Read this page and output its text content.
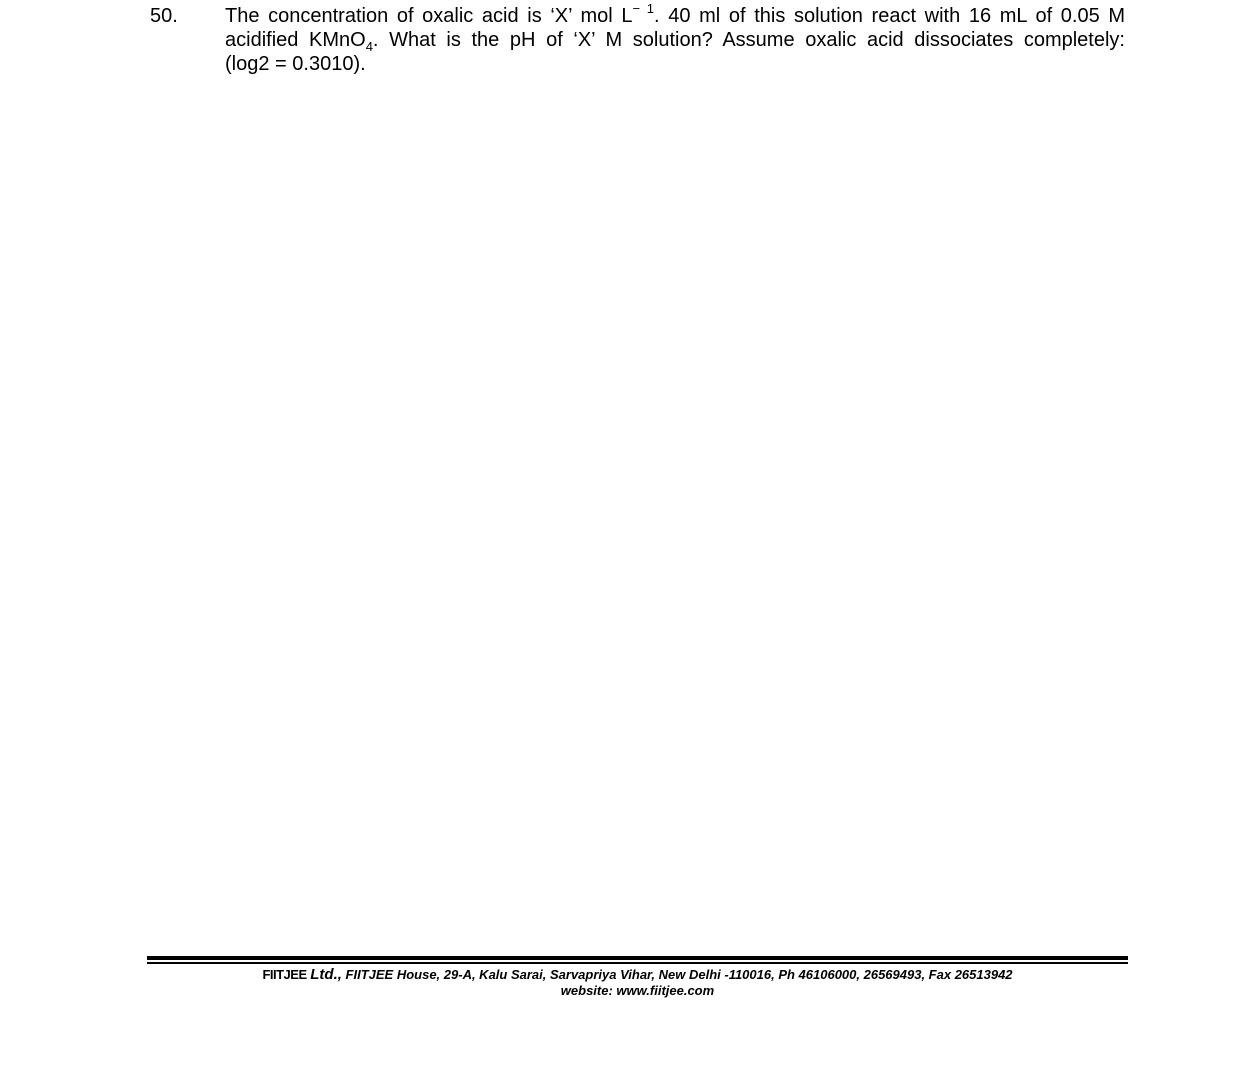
50. The concentration of oxalic acid is ‘X’ mol $L^{- 1}$. 40 ml of this solution react with 16 mL of 0.05 M
acidified KMnO$_4$. What is the pH of ‘X’ M solution? Assume oxalic acid dissociates completely:
(log2 = 0.3010).
FIITJEE Ltd., FIITJEE House, 29-A, Kalu Sarai, Sarvapriya Vihar, New Delhi -110016, Ph 46106000, 26569493, Fax 26513942
website: www.fiitjee.com
